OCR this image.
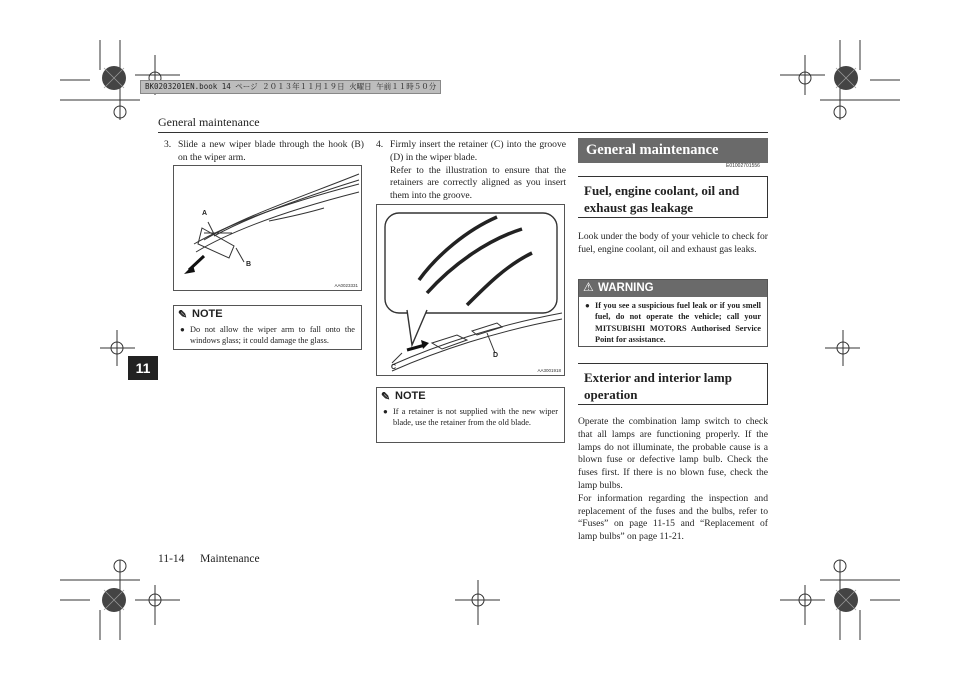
BK0203201EN.book 14 ページ ２０１３年１１月１９日 火曜日 午前１１時５０分
General maintenance
11
3. Slide a new wiper blade through the hook (B) on the wiper arm.
A
B
AA0023331
✎ NOTE
● Do not allow the wiper arm to fall onto the windows glass; it could damage the glass.
4. Firmly insert the retainer (C) into the groove (D) in the wiper blade.
Refer to the illustration to ensure that the retainers are correctly aligned as you insert them into the groove.
C
D
AA3001918
✎ NOTE
● If a retainer is not supplied with the new wiper blade, use the retainer from the old blade.
General maintenance
E01002701556
Fuel, engine coolant, oil and exhaust gas leakage
Look under the body of your vehicle to check for fuel, engine coolant, oil and exhaust gas leaks.
⚠ WARNING
● If you see a suspicious fuel leak or if you smell fuel, do not operate the vehicle; call your MITSUBISHI MOTORS Authorised Service Point for assistance.
Exterior and interior lamp operation
Operate the combination lamp switch to check that all lamps are functioning properly. If the lamps do not illuminate, the probable cause is a blown fuse or defective lamp bulb. Check the fuses first. If there is no blown fuse, check the lamp bulbs.
For information regarding the inspection and replacement of the fuses and the bulbs, refer to “Fuses” on page 11-15 and “Replacement of lamp bulbs” on page 11-21.
11-14 Maintenance
